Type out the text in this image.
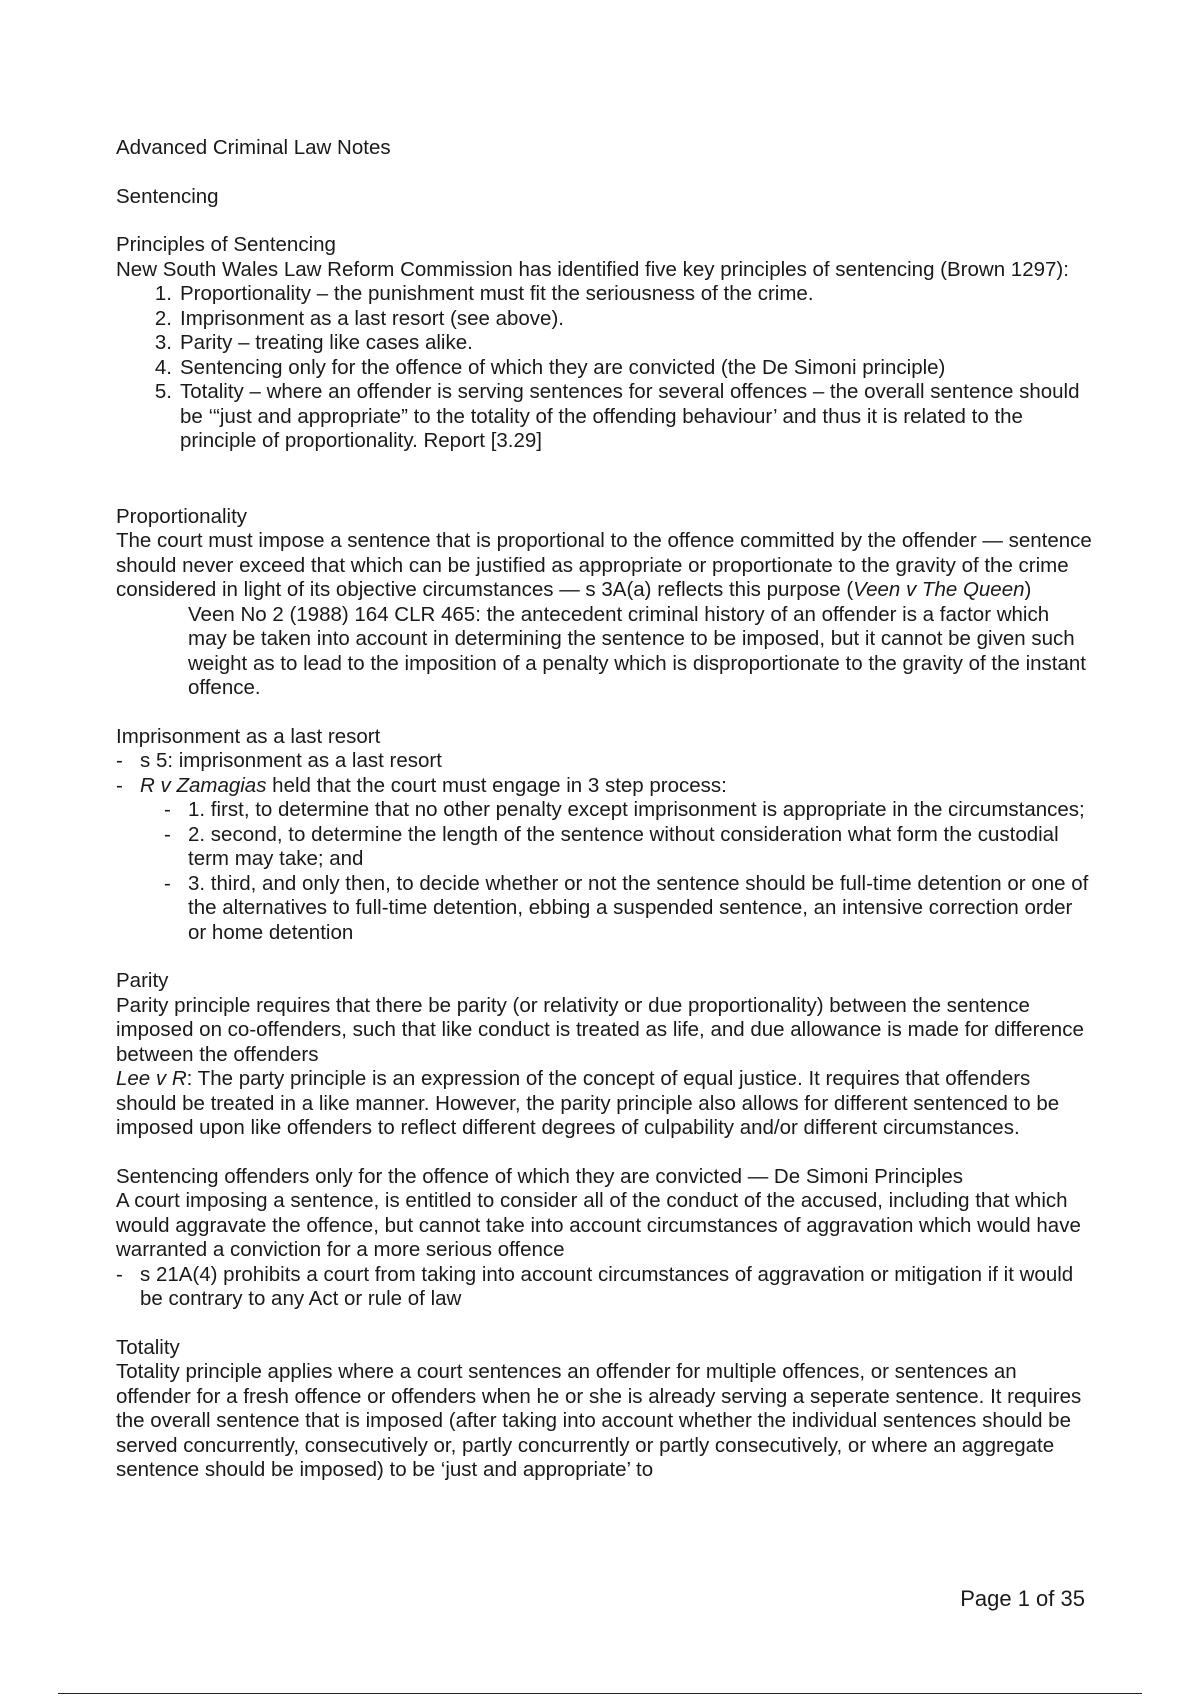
Advanced Criminal Law Notes

Sentencing

Principles of Sentencing

New South Wales Law Reform Commission has identified five key principles of sentencing (Brown 1297):

1. Proportionality – the punishment must fit the seriousness of the crime.
2. Imprisonment as a last resort (see above).
3. Parity – treating like cases alike.
4. Sentencing only for the offence of which they are convicted (the De Simoni principle)
5. Totality – where an offender is serving sentences for several offences – the overall sentence should be ‘“just and appropriate” to the totality of the offending behaviour’ and thus it is related to the principle of proportionality. Report [3.29]

Proportionality

The court must impose a sentence that is proportional to the offence committed by the offender — sentence should never exceed that which can be justified as appropriate or proportionate to the gravity of the crime considered in light of its objective circumstances — s 3A(a) reflects this purpose (Veen v The Queen)

Veen No 2 (1988) 164 CLR 465: the antecedent criminal history of an offender is a factor which may be taken into account in determining the sentence to be imposed, but it cannot be given such weight as to lead to the imposition of a penalty which is disproportionate to the gravity of the instant offence.

Imprisonment as a last resort

- s 5: imprisonment as a last resort
- R v Zamagias held that the court must engage in 3 step process:
- 1. first, to determine that no other penalty except imprisonment is appropriate in the circumstances;
- 2. second, to determine the length of the sentence without consideration what form the custodial term may take; and
- 3. third, and only then, to decide whether or not the sentence should be full-time detention or one of the alternatives to full-time detention, ebbing a suspended sentence, an intensive correction order or home detention

Parity

Parity principle requires that there be parity (or relativity or due proportionality) between the sentence imposed on co-offenders, such that like conduct is treated as life, and due allowance is made for difference between the offenders

Lee v R: The party principle is an expression of the concept of equal justice. It requires that offenders should be treated in a like manner. However, the parity principle also allows for different sentenced to be imposed upon like offenders to reflect different degrees of culpability and/or different circumstances.

Sentencing offenders only for the offence of which they are convicted — De Simoni Principles

A court imposing a sentence, is entitled to consider all of the conduct of the accused, including that which would aggravate the offence, but cannot take into account circumstances of aggravation which would have warranted a conviction for a more serious offence

- s 21A(4) prohibits a court from taking into account circumstances of aggravation or mitigation if it would be contrary to any Act or rule of law

Totality

Totality principle applies where a court sentences an offender for multiple offences, or sentences an offender for a fresh offence or offenders when he or she is already serving a seperate sentence. It requires the overall sentence that is imposed (after taking into account whether the individual sentences should be served concurrently, consecutively or, partly concurrently or partly consecutively, or where an aggregate sentence should be imposed) to be ‘just and appropriate’ to

Page 1 of 35
